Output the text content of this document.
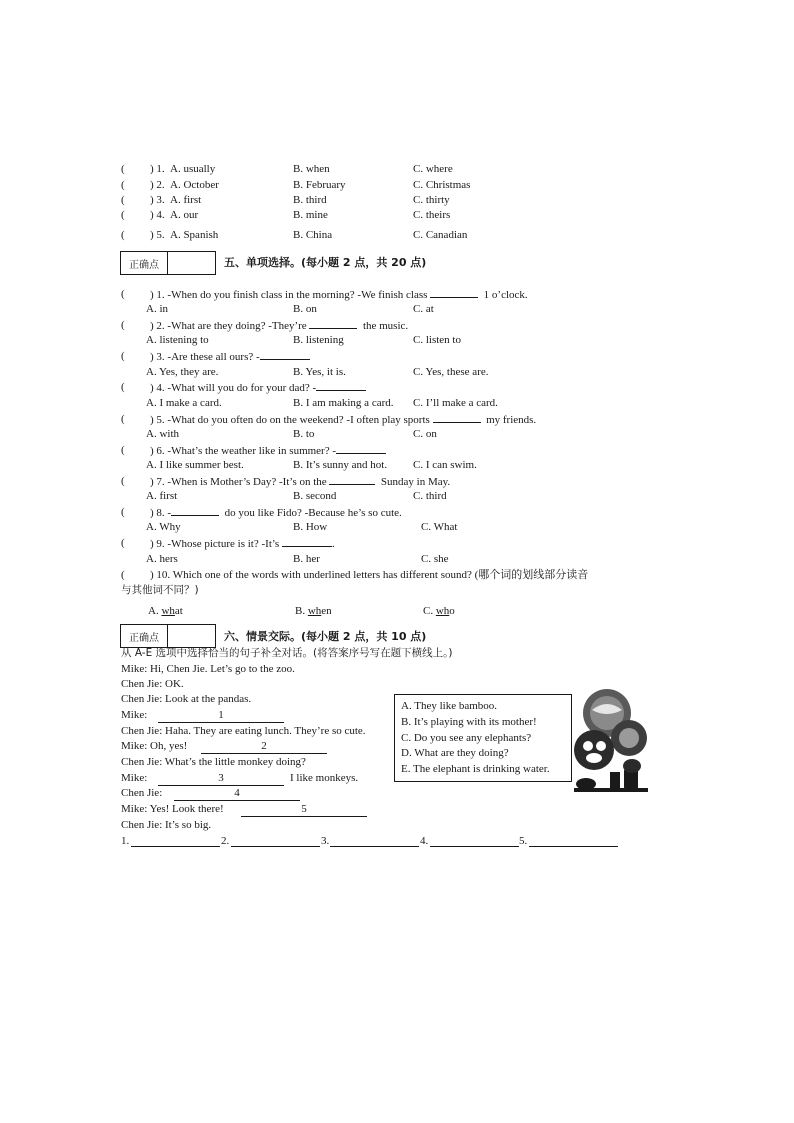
( ) 1. A. usually	B. when	C. where
( ) 2. A. October	B. February	C. Christmas
( ) 3. A. first	B. third	C. thirty
( ) 4. A. our	B. mine	C. theirs
( ) 5. A. Spanish	B. China	C. Canadian
正确点	五、单项选择。(每小题 2 点，共 20 点)
( ) 1. -When do you finish class in the morning? -We finish class	1 o’clock.
A. in	B. on	C. at
( ) 2. -What are they doing? -They’re	the music.
A. listening to	B. listening	C. listen to
( ) 3. -Are these all ours? -
A. Yes, they are.	B. Yes, it is.	C. Yes, these are.
( ) 4. -What will you do for your dad? -
A. I make a card.	B. I am making a card. C. I’ll make a card.
( ) 5. -What do you often do on the weekend? -I often play sports	my friends.
A. with	B. to	C. on
( ) 6. -What’s the weather like in summer? -
A. I like summer best.	B. It’s sunny and hot. C. I can swim.
( ) 7. -When is Mother’s Day? -It’s on the	Sunday in May.
A. first	B. second	C. third
( ) 8. -	do you like Fido? -Because he’s so cute.
A. Why	B. How	C. What
( ) 9. -Whose picture is it? -It’s	.
A. hers	B. her	C. she
( ) 10. Which one of the words with underlined letters has different sound? (哪个词的划线部分读音
与其他词不同？)
A. what	B. when	C. who
正确点	六、情景交际。(每小题 2 点，共 10 点)
从 A-E 选项中选择恰当的句子补全对话。(将答案序号写在题下横线上。)
Mike: Hi, Chen Jie. Let’s go to the zoo.
Chen Jie: OK.
Chen Jie: Look at the pandas.
Mike:	1
Chen Jie: Haha. They are eating lunch. They’re so cute.
Mike: Oh, yes!	2
Chen Jie: What’s the little monkey doing?
Mike:	3	I like monkeys.
Chen Jie:	4
Mike: Yes! Look there!	5
Chen Jie: It’s so big.
A. They like bamboo.
B. It’s playing with its mother!
C. Do you see any elephants?
D. What are they doing?
E. The elephant is drinking water.
1.	2.	3.	4.	5.
